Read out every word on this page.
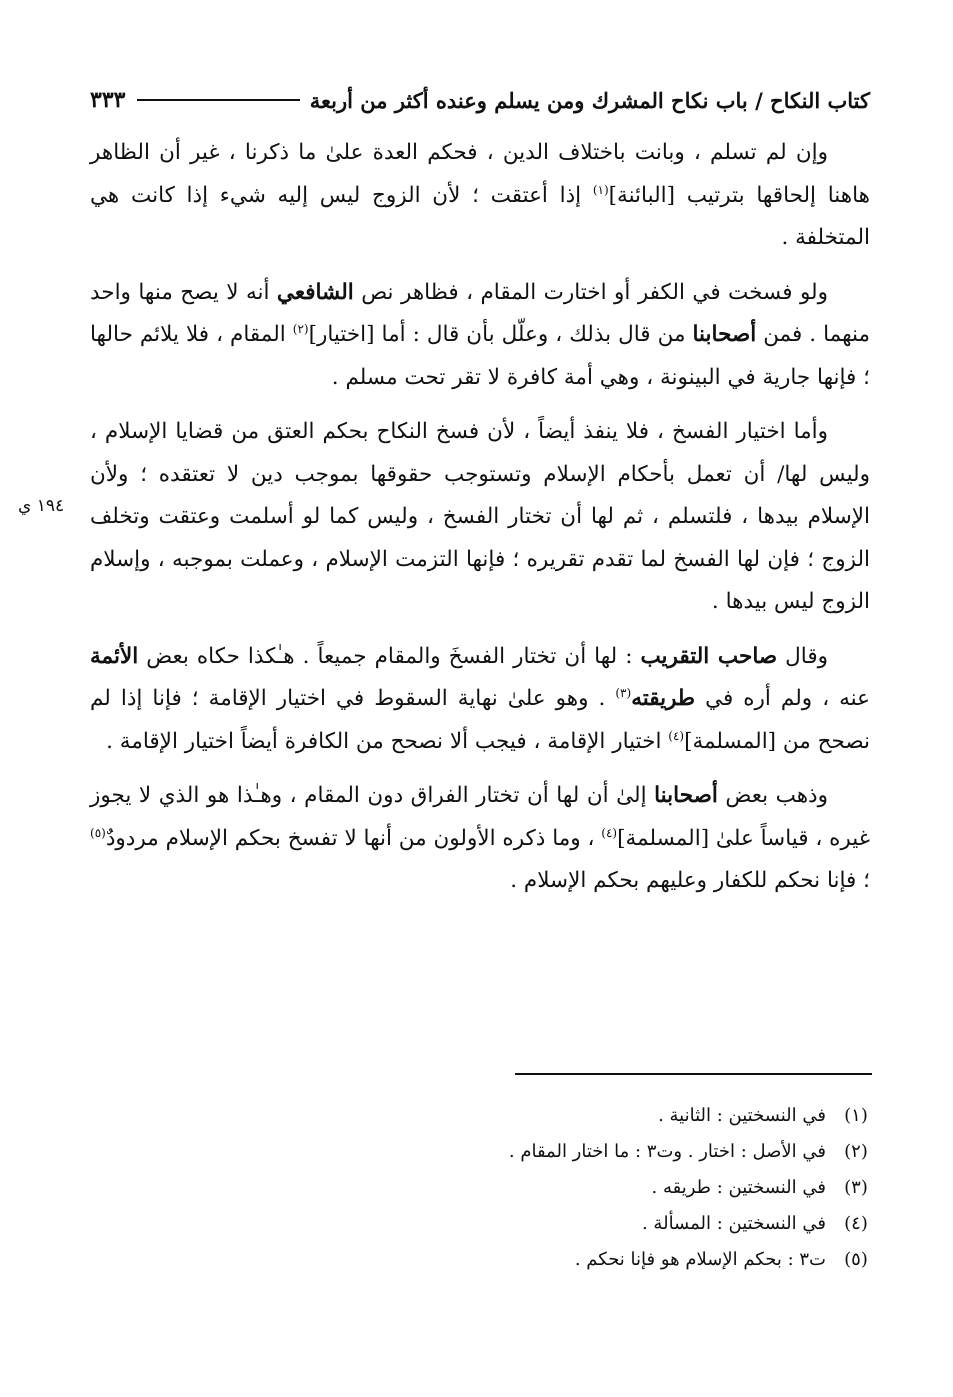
كتاب النكاح / باب نكاح المشرك ومن يسلم وعنده أكثر من أربعة
٣٣٣
١٩٤ ي

وإن لم تسلم ، وبانت باختلاف الدين ، فحكم العدة علىٰ ما ذكرنا ، غير أن الظاهر هاهنا إلحاقها بترتيب [البائنة]$^{(١)}$ إذا أعتقت ؛ لأن الزوج ليس إليه شيء إذا كانت هي المتخلفة .

ولو فسخت في الكفر أو اختارت المقام ، فظاهر نص الشافعي أنه لا يصح منها واحد منهما . فمن أصحابنا من قال بذلك ، وعلّل بأن قال : أما [اختيار]$^{(٢)}$ المقام ، فلا يلائم حالها ؛ فإنها جارية في البينونة ، وهي أمة كافرة لا تقر تحت مسلم .

وأما اختيار الفسخ ، فلا ينفذ أيضاً ، لأن فسخ النكاح بحكم العتق من قضايا الإسلام ، وليس لها/ أن تعمل بأحكام الإسلام وتستوجب حقوقها بموجب دين لا تعتقده ؛ ولأن الإسلام بيدها ، فلتسلم ، ثم لها أن تختار الفسخ ، وليس كما لو أسلمت وعتقت وتخلف الزوج ؛ فإن لها الفسخ لما تقدم تقريره ؛ فإنها التزمت الإسلام ، وعملت بموجبه ، وإسلام الزوج ليس بيدها .

وقال صاحب التقريب : لها أن تختار الفسخَ والمقام جميعاً . هـٰكذا حكاه بعض الأئمة عنه ، ولم أره في طريقته$^{(٣)}$ . وهو علىٰ نهاية السقوط في اختيار الإقامة ؛ فإنا إذا لم نصحح من [المسلمة]$^{(٤)}$ اختيار الإقامة ، فيجب ألا نصحح من الكافرة أيضاً اختيار الإقامة .

وذهب بعض أصحابنا إلىٰ أن لها أن تختار الفراق دون المقام ، وهـٰذا هو الذي لا يجوز غيره ، قياساً علىٰ [المسلمة]$^{(٤)}$ ، وما ذكره الأولون من أنها لا تفسخ بحكم الإسلام مردودٌ$^{(٥)}$ ؛ فإنا نحكم للكفار وعليهم بحكم الإسلام .

(١)
في النسختين : الثانية .
(٢)
في الأصل : اختار . وت٣ : ما اختار المقام .
(٣)
في النسختين : طريقه .
(٤)
في النسختين : المسألة .
(٥)
ت٣ : بحكم الإسلام هو فإنا نحكم .
